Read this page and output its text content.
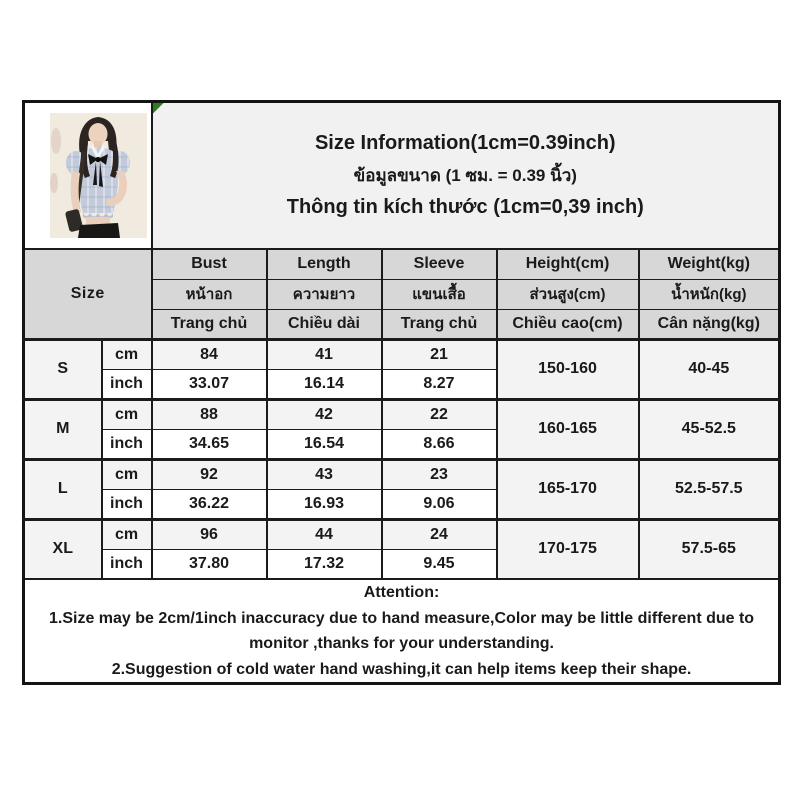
Size Information(1cm=0.39inch)
ข้อมูลขนาด (1 ซม. = 0.39 นิ้ว)
Thông tin kích thước (1cm=0,39 inch)				

Size		Bust	Length	Sleeve	Height(cm)	Weight(kg)
		หน้าอก	ความยาว	แขนเสื้อ	ส่วนสูง(cm)	น้ำหนัก(kg)
		Trang chủ	Chiều dài	Trang chủ	Chiều cao(cm)	Cân nặng(kg)
S	cm	84	41	21	150-160	40-45
	inch	33.07	16.14	8.27		
M	cm	88	42	22	160-165	45-52.5
	inch	34.65	16.54	8.66		
L	cm	92	43	23	165-170	52.5-57.5
	inch	36.22	16.93	9.06		
XL	cm	96	44	24	170-175	57.5-65
	inch	37.80	17.32	9.45		

Attention:
1.Size may be 2cm/1inch inaccuracy due to hand measure,Color may be little different due to monitor ,thanks for your understanding.
2.Suggestion of cold water hand washing,it can help items keep their shape.						
